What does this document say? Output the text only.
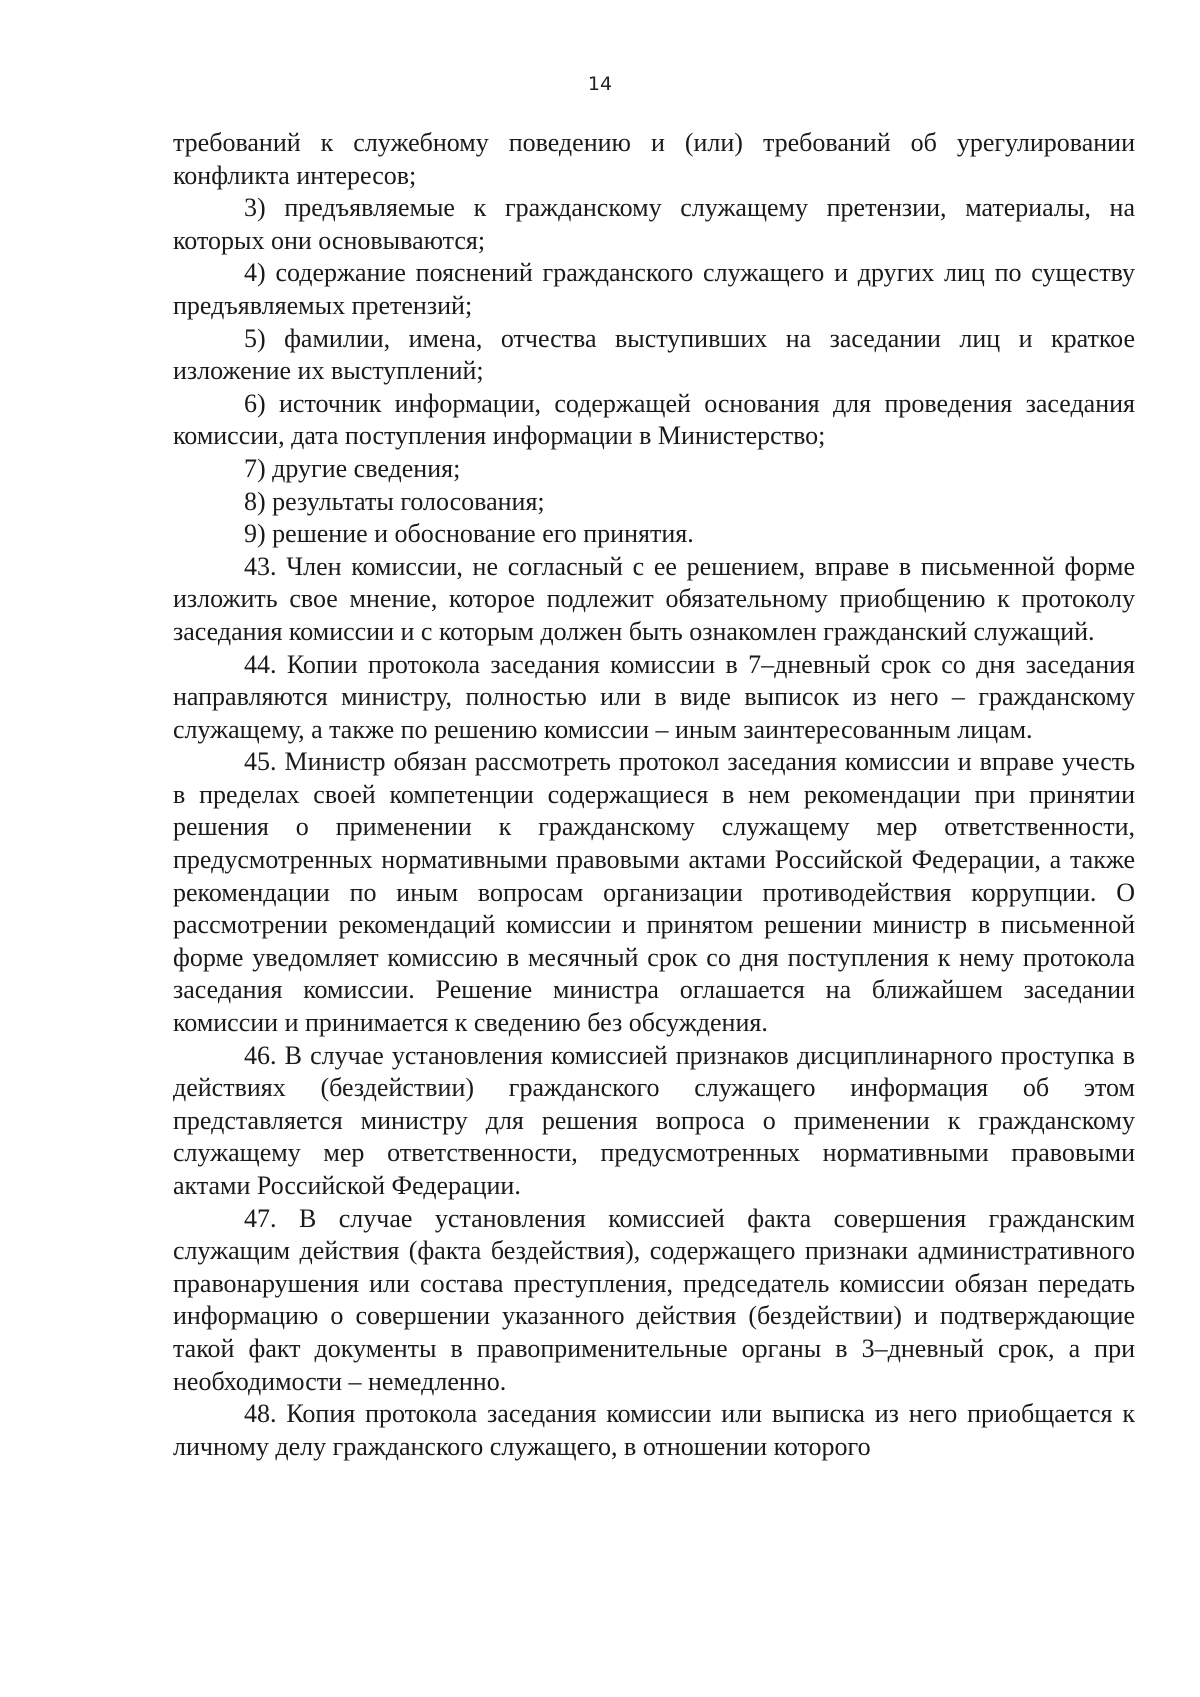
14

требований к служебному поведению и (или) требований об урегулировании конфликта интересов;

3) предъявляемые к гражданскому служащему претензии, материалы, на которых они основываются;

4) содержание пояснений гражданского служащего и других лиц по существу предъявляемых претензий;

5) фамилии, имена, отчества выступивших на заседании лиц и краткое изложение их выступлений;

6) источник информации, содержащей основания для проведения заседания комиссии, дата поступления информации в Министерство;

7) другие сведения;

8) результаты голосования;

9) решение и обоснование его принятия.

43. Член комиссии, не согласный с ее решением, вправе в письменной форме изложить свое мнение, которое подлежит обязательному приобщению к протоколу заседания комиссии и с которым должен быть ознакомлен гражданский служащий.

44. Копии протокола заседания комиссии в 7–дневный срок со дня заседания направляются министру, полностью или в виде выписок из него – гражданскому служащему, а также по решению комиссии – иным заинтересованным лицам.

45. Министр обязан рассмотреть протокол заседания комиссии и вправе учесть в пределах своей компетенции содержащиеся в нем рекомендации при принятии решения о применении к гражданскому служащему мер ответственности, предусмотренных нормативными правовыми актами Российской Федерации, а также рекомендации по иным вопросам организации противодействия коррупции. О рассмотрении рекомендаций комиссии и принятом решении министр в письменной форме уведомляет комиссию в месячный срок со дня поступления к нему протокола заседания комиссии. Решение министра оглашается на ближайшем заседании комиссии и принимается к сведению без обсуждения.

46. В случае установления комиссией признаков дисциплинарного проступка в действиях (бездействии) гражданского служащего информация об этом представляется министру для решения вопроса о применении к гражданскому служащему мер ответственности, предусмотренных нормативными правовыми актами Российской Федерации.

47. В случае установления комиссией факта совершения гражданским служащим действия (факта бездействия), содержащего признаки административного правонарушения или состава преступления, председатель комиссии обязан передать информацию о совершении указанного действия (бездействии) и подтверждающие такой факт документы в правоприменительные органы в 3–дневный срок, а при необходимости – немедленно.

48. Копия протокола заседания комиссии или выписка из него приобщается к личному делу гражданского служащего, в отношении которого
